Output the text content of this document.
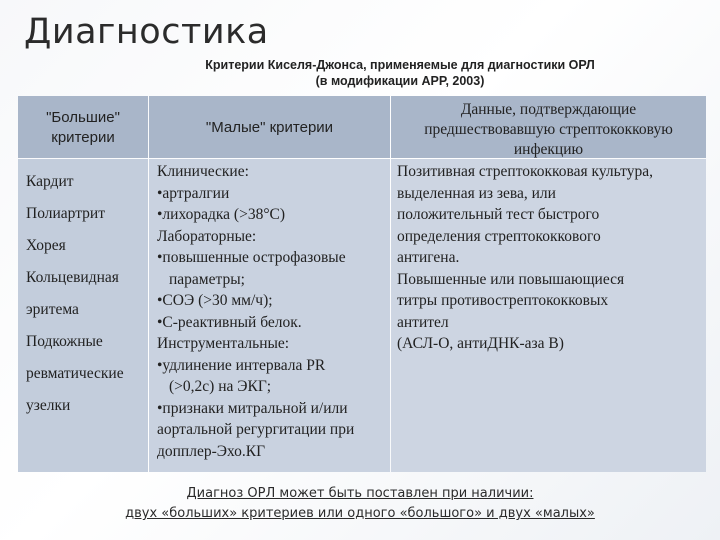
Диагностика
Критерии Киселя-Джонса, применяемые для диагностики ОРЛ
(в модификации АРР, 2003)
"Большие"
критерии
Кардит
Полиартрит
Хорея
Кольцевидная
эритема
Подкожные
ревматические
узелки
"Малые" критерии
Клинические:
•артралгии
•лихорадка (>38°С)
Лабораторные:
•повышенные острофазовые
параметры;
•СОЭ (>30 мм/ч);
•С-реактивный белок.
Инструментальные:
•удлинение интервала PR
(>0,2с) на ЭКГ;
•признаки митральной и/или
аортальной регургитации при
допплер-Эхо.КГ
Данные, подтверждающие
предшествовавшую стрептококковую
инфекцию
Позитивная стрептококковая культура,
выделенная из зева, или
положительный тест быстрого
определения стрептококкового
антигена.
Повышенные или повышающиеся
титры противострептококковых
антител
(АСЛ-О, антиДНК-аза В)
Диагноз ОРЛ может быть поставлен при наличии:
двух «больших» критериев или одного «большого» и двух «малых»
